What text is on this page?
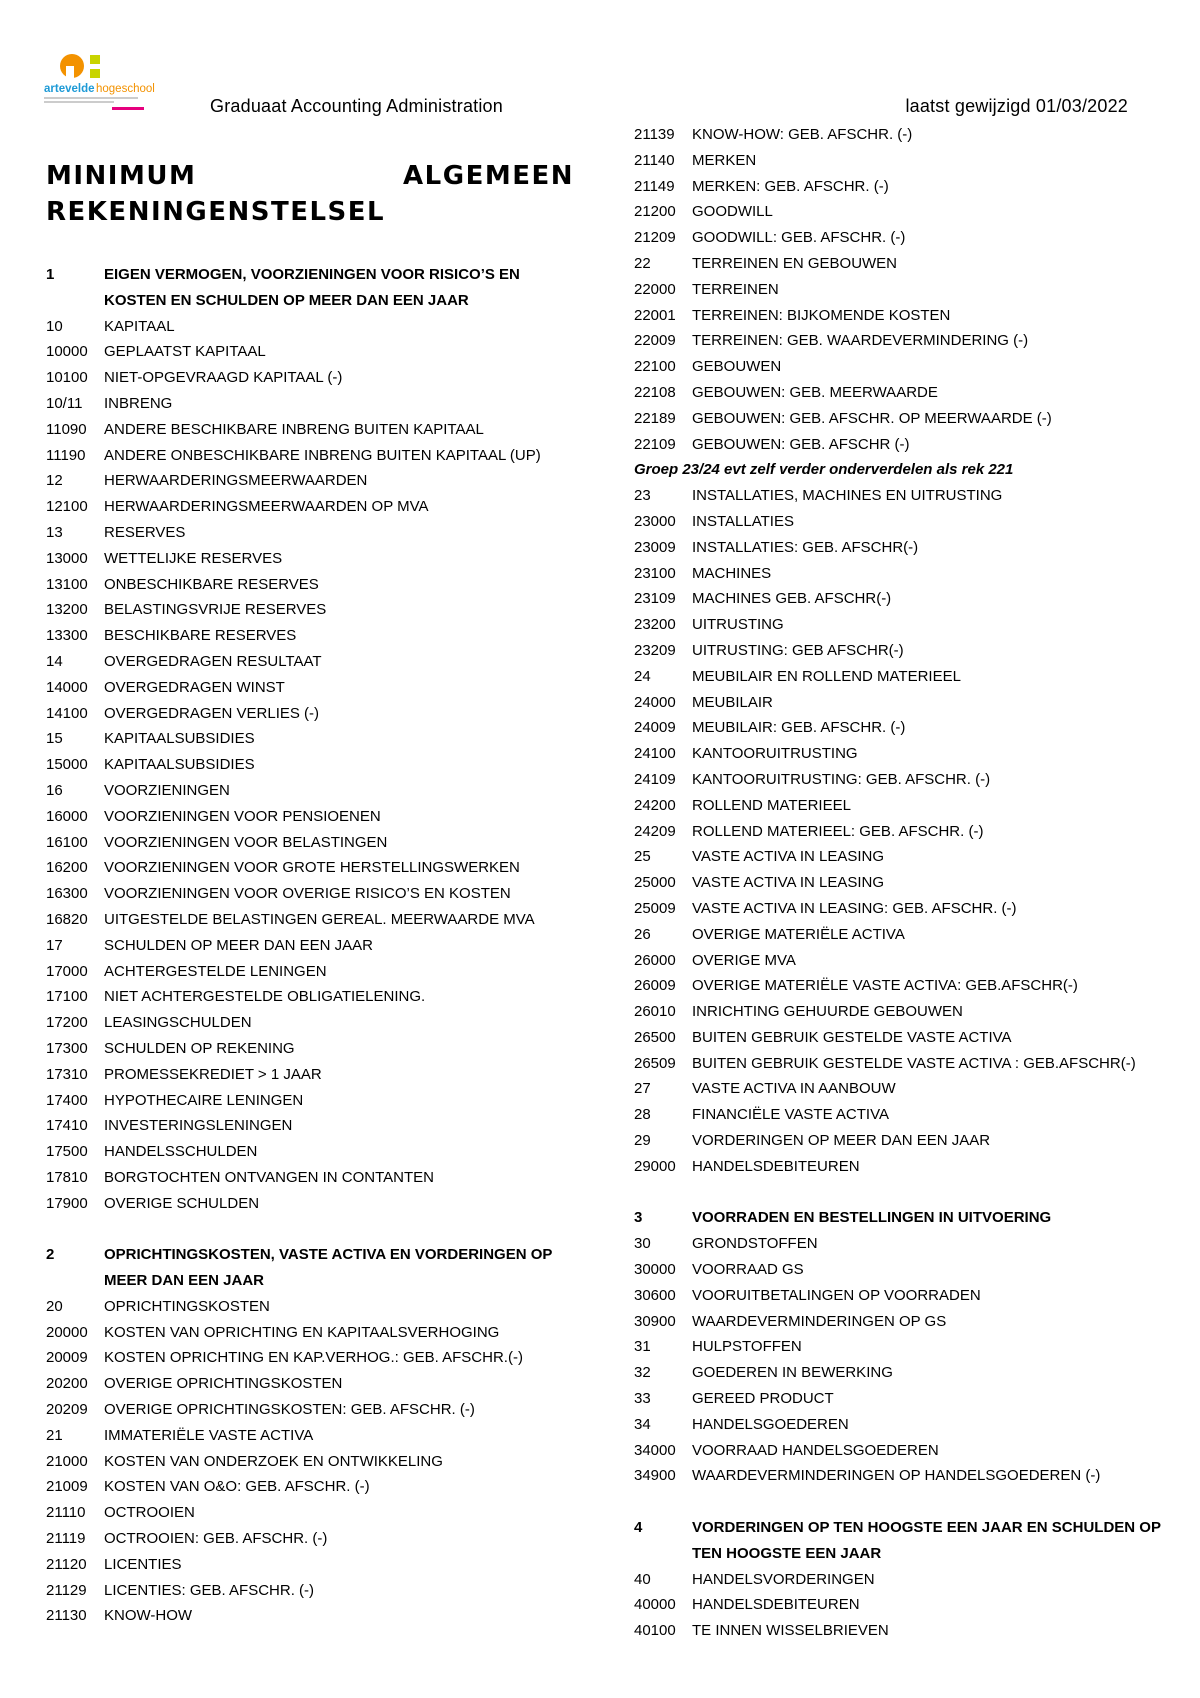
artevelde hogeschool
Graduaat Accounting Administration	laatst gewijzigd 01/03/2022
MINIMUM	ALGEMEEN
REKENINGENSTELSEL
1	EIGEN VERMOGEN, VOORZIENINGEN VOOR RISICO’S EN KOSTEN EN SCHULDEN OP MEER DAN EEN JAAR
10	KAPITAAL
10000	GEPLAATST KAPITAAL
10100	NIET-OPGEVRAAGD KAPITAAL (-)
10/11	INBRENG
11090	ANDERE BESCHIKBARE INBRENG BUITEN KAPITAAL
11190	ANDERE ONBESCHIKBARE INBRENG BUITEN KAPITAAL (UP)
12	HERWAARDERINGSMEERWAARDEN
12100	HERWAARDERINGSMEERWAARDEN OP MVA
13	RESERVES
13000	WETTELIJKE RESERVES
13100	ONBESCHIKBARE RESERVES
13200	BELASTINGSVRIJE RESERVES
13300	BESCHIKBARE RESERVES
14	OVERGEDRAGEN RESULTAAT
14000	OVERGEDRAGEN WINST
14100	OVERGEDRAGEN VERLIES (-)
15	KAPITAALSUBSIDIES
15000	KAPITAALSUBSIDIES
16	VOORZIENINGEN
16000	VOORZIENINGEN VOOR PENSIOENEN
16100	VOORZIENINGEN VOOR BELASTINGEN
16200	VOORZIENINGEN VOOR GROTE HERSTELLINGSWERKEN
16300	VOORZIENINGEN VOOR OVERIGE RISICO’S EN KOSTEN
16820	UITGESTELDE BELASTINGEN GEREAL. MEERWAARDE MVA
17	SCHULDEN OP MEER DAN EEN JAAR
17000	ACHTERGESTELDE LENINGEN
17100	NIET ACHTERGESTELDE OBLIGATIELENING.
17200	LEASINGSCHULDEN
17300	SCHULDEN OP REKENING
17310	PROMESSEKREDIET > 1 JAAR
17400	HYPOTHECAIRE LENINGEN
17410	INVESTERINGSLENINGEN
17500	HANDELSSCHULDEN
17810	BORGTOCHTEN ONTVANGEN IN CONTANTEN
17900	OVERIGE SCHULDEN
2	OPRICHTINGSKOSTEN, VASTE ACTIVA EN VORDERINGEN OP MEER DAN EEN JAAR
20	OPRICHTINGSKOSTEN
20000	KOSTEN VAN OPRICHTING EN KAPITAALSVERHOGING
20009	KOSTEN OPRICHTING EN KAP.VERHOG.: GEB. AFSCHR.(-)
20200	OVERIGE OPRICHTINGSKOSTEN
20209	OVERIGE OPRICHTINGSKOSTEN: GEB. AFSCHR. (-)
21	IMMATERIËLE VASTE ACTIVA
21000	KOSTEN VAN ONDERZOEK EN ONTWIKKELING
21009	KOSTEN VAN O&O: GEB. AFSCHR. (-)
21110	OCTROOIEN
21119	OCTROOIEN: GEB. AFSCHR. (-)
21120	LICENTIES
21129	LICENTIES: GEB. AFSCHR. (-)
21130	KNOW-HOW
21139	KNOW-HOW: GEB. AFSCHR. (-)
21140	MERKEN
21149	MERKEN: GEB. AFSCHR. (-)
21200	GOODWILL
21209	GOODWILL: GEB. AFSCHR. (-)
22	TERREINEN EN GEBOUWEN
22000	TERREINEN
22001	TERREINEN: BIJKOMENDE KOSTEN
22009	TERREINEN: GEB. WAARDEVERMINDERING (-)
22100	GEBOUWEN
22108	GEBOUWEN: GEB. MEERWAARDE
22189	GEBOUWEN: GEB. AFSCHR. OP MEERWAARDE (-)
22109	GEBOUWEN: GEB. AFSCHR (-)
Groep 23/24 evt zelf verder onderverdelen als rek 221
23	INSTALLATIES, MACHINES EN UITRUSTING
23000	INSTALLATIES
23009	INSTALLATIES: GEB. AFSCHR(-)
23100	MACHINES
23109	MACHINES GEB. AFSCHR(-)
23200	UITRUSTING
23209	UITRUSTING: GEB AFSCHR(-)
24	MEUBILAIR EN ROLLEND MATERIEEL
24000	MEUBILAIR
24009	MEUBILAIR: GEB. AFSCHR. (-)
24100	KANTOORUITRUSTING
24109	KANTOORUITRUSTING: GEB. AFSCHR. (-)
24200	ROLLEND MATERIEEL
24209	ROLLEND MATERIEEL: GEB. AFSCHR. (-)
25	VASTE ACTIVA IN LEASING
25000	VASTE ACTIVA IN LEASING
25009	VASTE ACTIVA IN LEASING: GEB. AFSCHR. (-)
26	OVERIGE MATERIËLE ACTIVA
26000	OVERIGE MVA
26009	OVERIGE MATERIËLE VASTE ACTIVA: GEB.AFSCHR(-)
26010	INRICHTING GEHUURDE GEBOUWEN
26500	BUITEN GEBRUIK GESTELDE VASTE ACTIVA
26509	BUITEN GEBRUIK GESTELDE VASTE ACTIVA : GEB.AFSCHR(-)
27	VASTE ACTIVA IN AANBOUW
28	FINANCIËLE VASTE ACTIVA
29	VORDERINGEN OP MEER DAN EEN JAAR
29000	HANDELSDEBITEUREN
3	VOORRADEN EN BESTELLINGEN IN UITVOERING
30	GRONDSTOFFEN
30000	VOORRAAD GS
30600	VOORUITBETALINGEN OP VOORRADEN
30900	WAARDEVERMINDERINGEN OP GS
31	HULPSTOFFEN
32	GOEDEREN IN BEWERKING
33	GEREED PRODUCT
34	HANDELSGOEDEREN
34000	VOORRAAD HANDELSGOEDEREN
34900	WAARDEVERMINDERINGEN OP HANDELSGOEDEREN (-)
4	VORDERINGEN OP TEN HOOGSTE EEN JAAR EN SCHULDEN OP TEN HOOGSTE EEN JAAR
40	HANDELSVORDERINGEN
40000	HANDELSDEBITEUREN
40100	TE INNEN WISSELBRIEVEN
